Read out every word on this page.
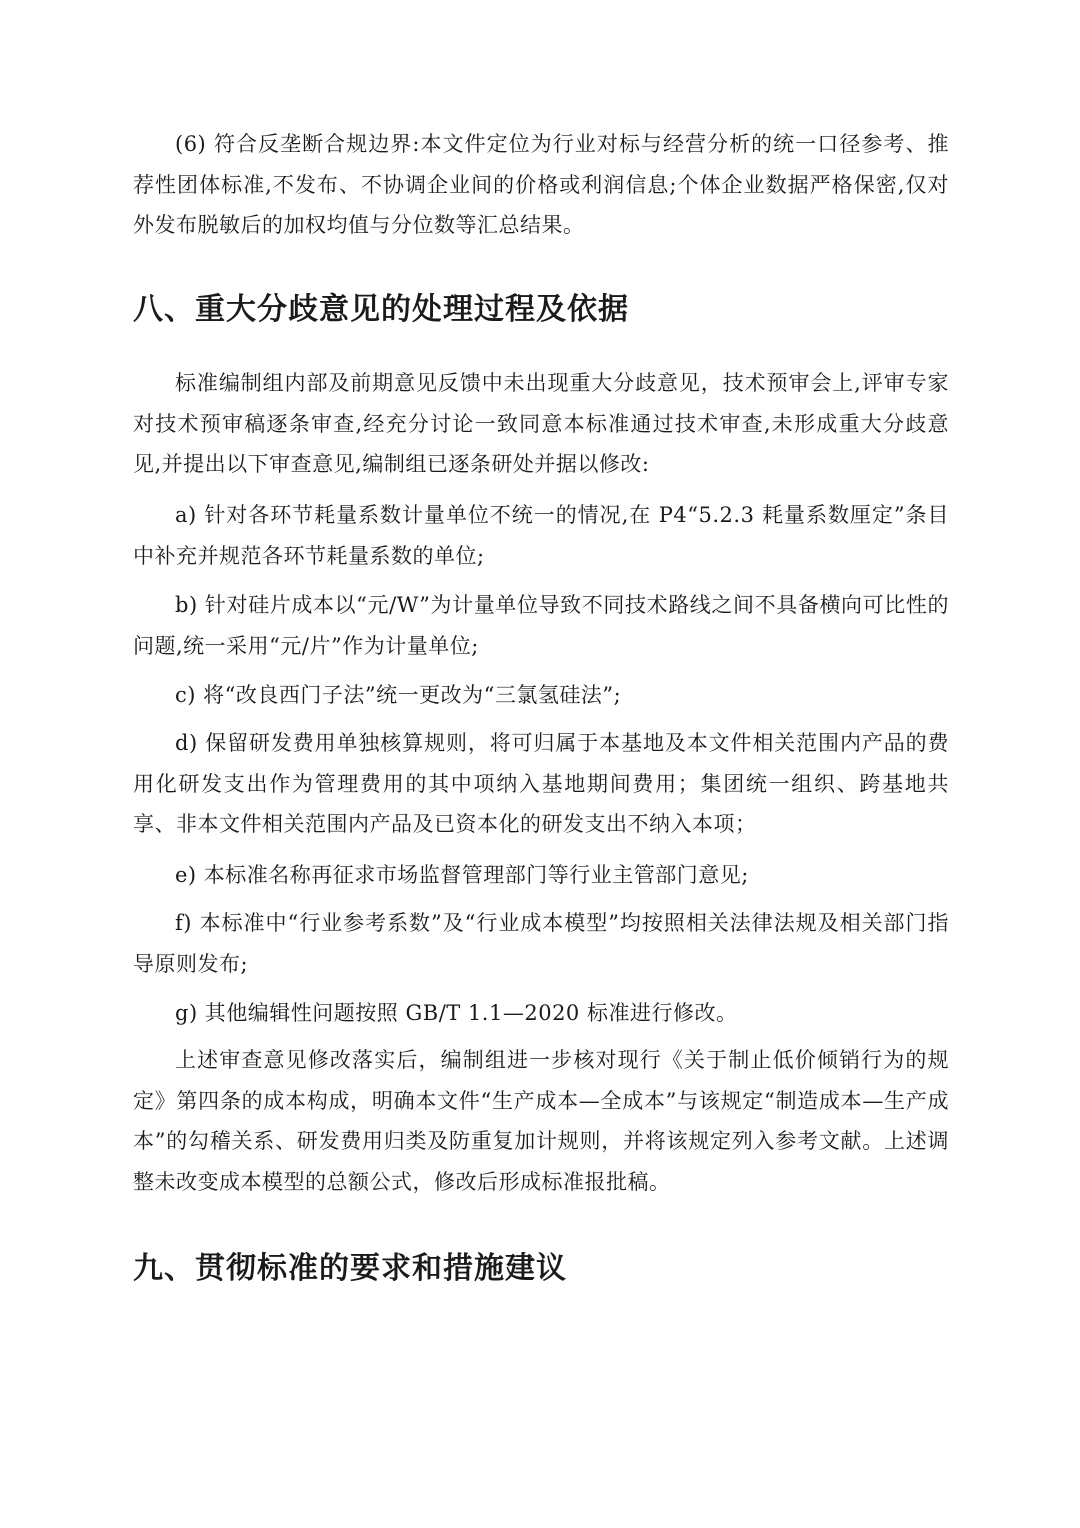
(6) 符合反垄断合规边界:本文件定位为行业对标与经营分析的统一口径参考、推荐性团体标准,不发布、不协调企业间的价格或利润信息;个体企业数据严格保密,仅对外发布脱敏后的加权均值与分位数等汇总结果。

八、重大分歧意见的处理过程及依据

标准编制组内部及前期意见反馈中未出现重大分歧意见，技术预审会上,评审专家对技术预审稿逐条审查,经充分讨论一致同意本标准通过技术审查,未形成重大分歧意见,并提出以下审查意见,编制组已逐条研处并据以修改:

a) 针对各环节耗量系数计量单位不统一的情况,在 P4“5.2.3 耗量系数厘定”条目中补充并规范各环节耗量系数的单位;

b) 针对硅片成本以“元/W”为计量单位导致不同技术路线之间不具备横向可比性的问题,统一采用“元/片”作为计量单位;

c) 将“改良西门子法”统一更改为“三氯氢硅法”;

d) 保留研发费用单独核算规则，将可归属于本基地及本文件相关范围内产品的费用化研发支出作为管理费用的其中项纳入基地期间费用；集团统一组织、跨基地共享、非本文件相关范围内产品及已资本化的研发支出不纳入本项；

e) 本标准名称再征求市场监督管理部门等行业主管部门意见;

f) 本标准中“行业参考系数”及“行业成本模型”均按照相关法律法规及相关部门指导原则发布;

g) 其他编辑性问题按照 GB/T 1.1—2020 标准进行修改。

上述审查意见修改落实后，编制组进一步核对现行《关于制止低价倾销行为的规定》第四条的成本构成，明确本文件“生产成本—全成本”与该规定“制造成本—生产成本”的勾稽关系、研发费用归类及防重复加计规则，并将该规定列入参考文献。上述调整未改变成本模型的总额公式，修改后形成标准报批稿。

九、贯彻标准的要求和措施建议
